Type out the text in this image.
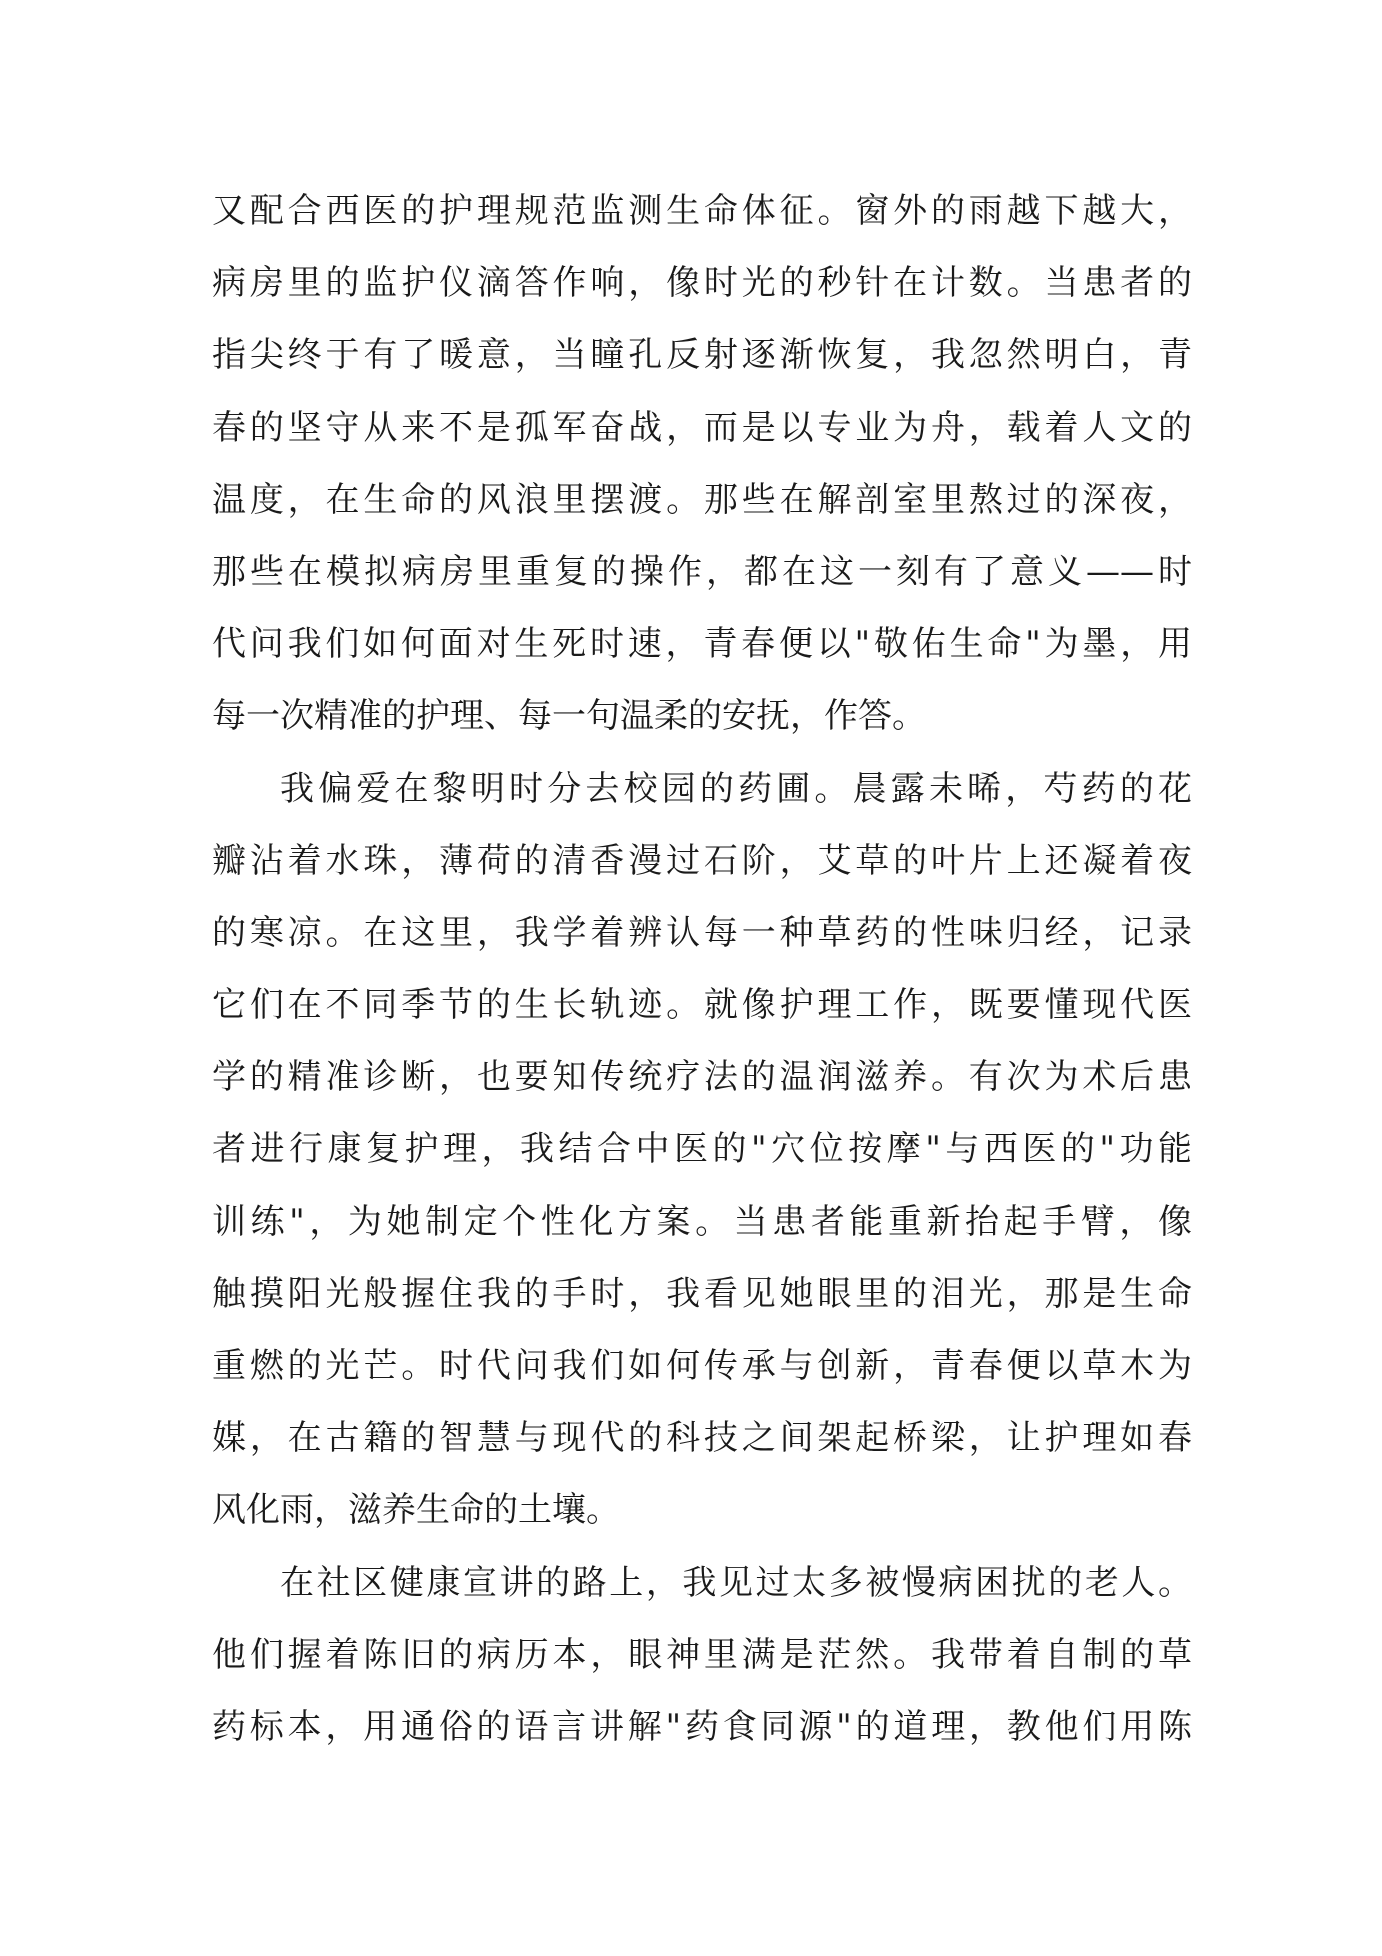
又配合西医的护理规范监测生命体征。窗外的雨越下越大，
病房里的监护仪滴答作响，像时光的秒针在计数。当患者的
指尖终于有了暖意，当瞳孔反射逐渐恢复，我忽然明白，青
春的坚守从来不是孤军奋战，而是以专业为舟，载着人文的
温度，在生命的风浪里摆渡。那些在解剖室里熬过的深夜，
那些在模拟病房里重复的操作，都在这一刻有了意义——时
代问我们如何面对生死时速，青春便以"敬佑生命"为墨，用
每一次精准的护理、每一句温柔的安抚，作答。
我偏爱在黎明时分去校园的药圃。晨露未晞，芍药的花
瓣沾着水珠，薄荷的清香漫过石阶，艾草的叶片上还凝着夜
的寒凉。在这里，我学着辨认每一种草药的性味归经，记录
它们在不同季节的生长轨迹。就像护理工作，既要懂现代医
学的精准诊断，也要知传统疗法的温润滋养。有次为术后患
者进行康复护理，我结合中医的"穴位按摩"与西医的"功能
训练"，为她制定个性化方案。当患者能重新抬起手臂，像
触摸阳光般握住我的手时，我看见她眼里的泪光，那是生命
重燃的光芒。时代问我们如何传承与创新，青春便以草木为
媒，在古籍的智慧与现代的科技之间架起桥梁，让护理如春
风化雨，滋养生命的土壤。
在社区健康宣讲的路上，我见过太多被慢病困扰的老人。
他们握着陈旧的病历本，眼神里满是茫然。我带着自制的草
药标本，用通俗的语言讲解"药食同源"的道理，教他们用陈
